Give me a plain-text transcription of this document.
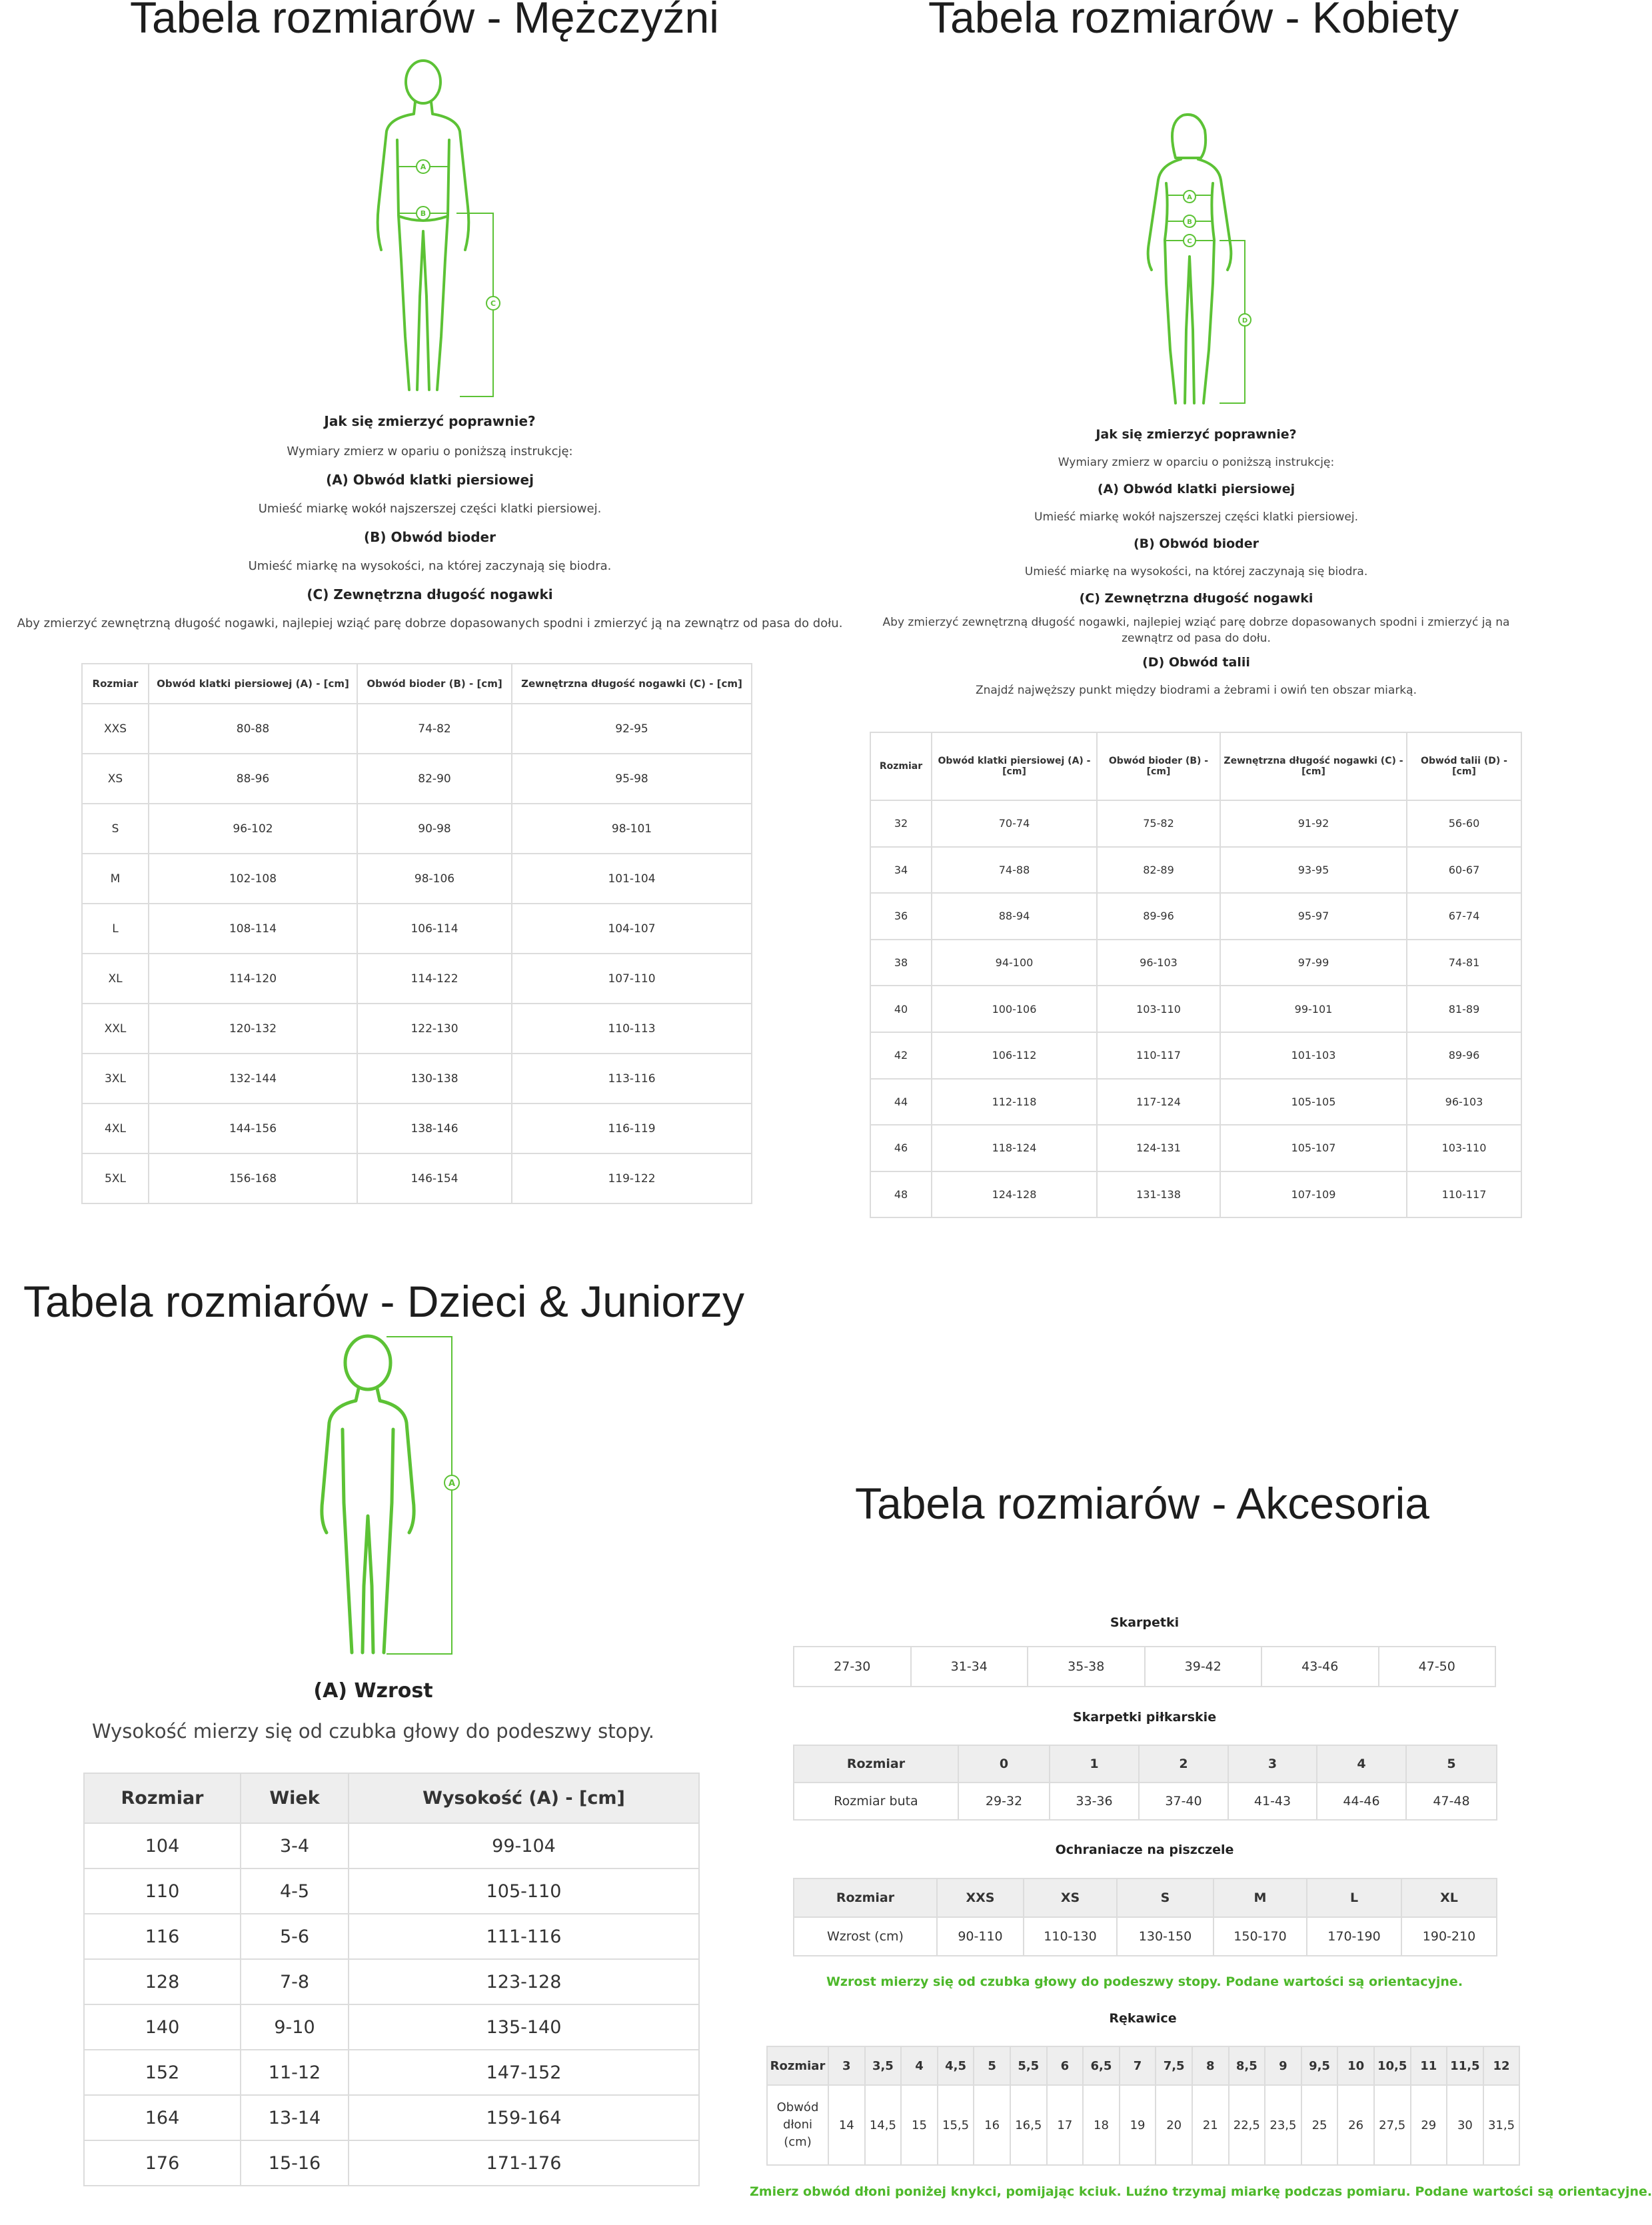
Tabela rozmiarów - Mężczyźni
A
B
C

Jak się zmierzyć poprawnie?

Wymiary zmierz w opariu o poniższą instrukcję:

(A) Obwód klatki piersiowej

Umieść miarkę wokół najszerszej części klatki piersiowej.

(B) Obwód bioder

Umieść miarkę na wysokości, na której zaczynają się biodra.

(C) Zewnętrzna długość nogawki

Aby zmierzyć zewnętrzną długość nogawki, najlepiej wziąć parę dobrze dopasowanych spodni i zmierzyć ją na zewnątrz od pasa do dołu.

Rozmiar	Obwód klatki piersiowej (A) - [cm]	Obwód bioder (B) - [cm]	Zewnętrzna długość nogawki (C) - [cm]
XXS	80-88	74-82	92-95
XS	88-96	82-90	95-98
S	96-102	90-98	98-101
M	102-108	98-106	101-104
L	108-114	106-114	104-107
XL	114-120	114-122	107-110
XXL	120-132	122-130	110-113
3XL	132-144	130-138	113-116
4XL	144-156	138-146	116-119
5XL	156-168	146-154	119-122
Tabela rozmiarów - Kobiety
A
B
C
D

Jak się zmierzyć poprawnie?

Wymiary zmierz w oparciu o poniższą instrukcję:

(A) Obwód klatki piersiowej

Umieść miarkę wokół najszerszej części klatki piersiowej.

(B) Obwód bioder

Umieść miarkę na wysokości, na której zaczynają się biodra.

(C) Zewnętrzna długość nogawki

Aby zmierzyć zewnętrzną długość nogawki, najlepiej wziąć parę dobrze dopasowanych spodni i zmierzyć ją na

zewnątrz od pasa do dołu.

(D) Obwód talii

Znajdź najwęższy punkt między biodrami a żebrami i owiń ten obszar miarką.

Rozmiar	Obwód klatki piersiowej (A) - [cm]	Obwód bioder (B) - [cm]	Zewnętrzna długość nogawki (C) - [cm]	Obwód talii (D) - [cm]
32	70-74	75-82	91-92	56-60
34	74-88	82-89	93-95	60-67
36	88-94	89-96	95-97	67-74
38	94-100	96-103	97-99	74-81
40	100-106	103-110	99-101	81-89
42	106-112	110-117	101-103	89-96
44	112-118	117-124	105-105	96-103
46	118-124	124-131	105-107	103-110
48	124-128	131-138	107-109	110-117
Tabela rozmiarów - Dzieci & Juniorzy
A

(A) Wzrost

Wysokość mierzy się od czubka głowy do podeszwy stopy.

Rozmiar	Wiek	Wysokość (A) - [cm]
104	3-4	99-104
110	4-5	105-110
116	5-6	111-116
128	7-8	123-128
140	9-10	135-140
152	11-12	147-152
164	13-14	159-164
176	15-16	171-176
Tabela rozmiarów - Akcesoria
Skarpetki
27-30	31-34	35-38	39-42	43-46	47-50
Skarpetki piłkarskie
Rozmiar	0	1	2	3	4	5
Rozmiar buta	29-32	33-36	37-40	41-43	44-46	47-48
Ochraniacze na piszczele
Rozmiar	XXS	XS	S	M	L	XL
Wzrost (cm)	90-110	110-130	130-150	150-170	170-190	190-210
Wzrost mierzy się od czubka głowy do podeszwy stopy. Podane wartości są orientacyjne.
Rękawice
Rozmiar	3	3,5	4	4,5	5	5,5	6	6,5	7	7,5	8	8,5	9	9,5	10	10,5	11	11,5	12
Obwód dłoni (cm)	14	14,5	15	15,5	16	16,5	17	18	19	20	21	22,5	23,5	25	26	27,5	29	30	31,5
Zmierz obwód dłoni poniżej knykci, pomijając kciuk. Luźno trzymaj miarkę podczas pomiaru. Podane wartości są orientacyjne.
